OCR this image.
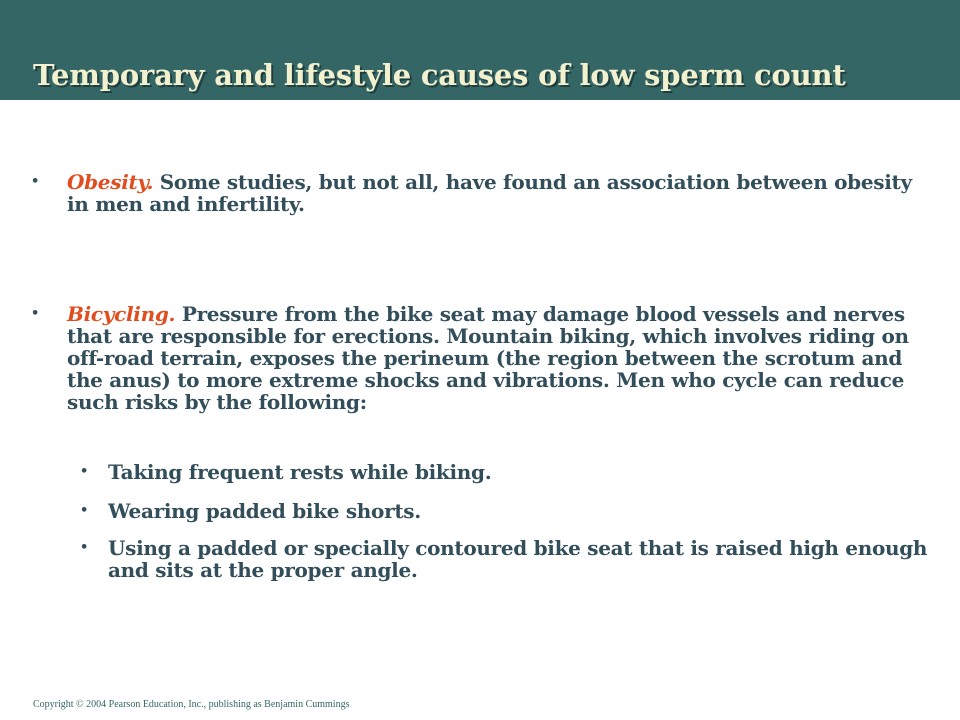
Temporary and lifestyle causes of low sperm count
• Obesity. Some studies, but not all, have found an association between obesity in men and infertility.
• Bicycling. Pressure from the bike seat may damage blood vessels and nerves that are responsible for erections. Mountain biking, which involves riding on off-road terrain, exposes the perineum (the region between the scrotum and the anus) to more extreme shocks and vibrations. Men who cycle can reduce such risks by the following:
• Taking frequent rests while biking.
• Wearing padded bike shorts.
• Using a padded or specially contoured bike seat that is raised high enough and sits at the proper angle.
Copyright © 2004 Pearson Education, Inc., publishing as Benjamin Cummings
